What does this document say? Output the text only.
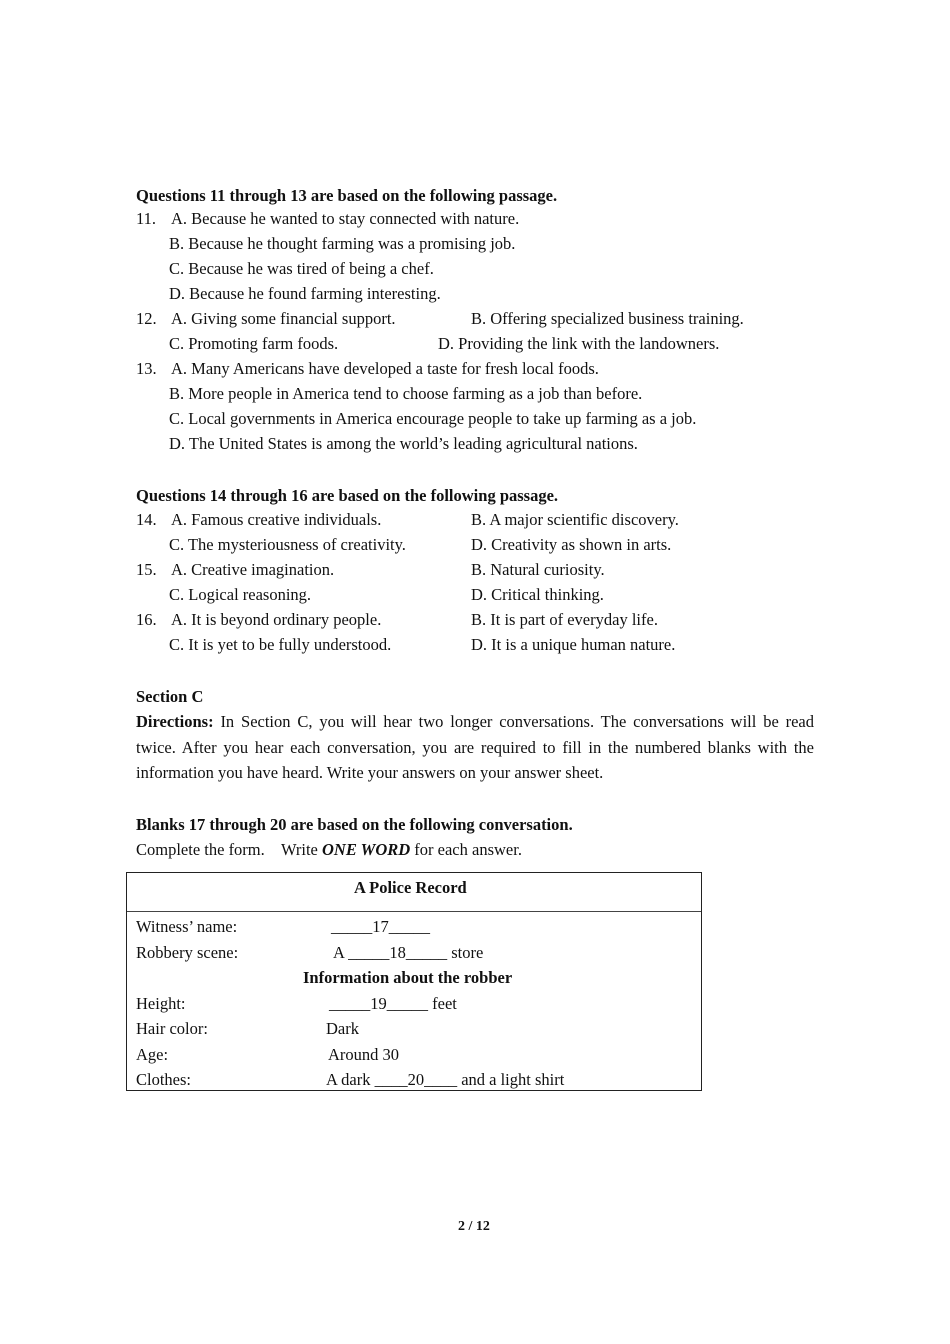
Questions 11 through 13 are based on the following passage.
11. A. Because he wanted to stay connected with nature.
B. Because he thought farming was a promising job.
C. Because he was tired of being a chef.
D. Because he found farming interesting.
12. A. Giving some financial support.	B. Offering specialized business training.
C. Promoting farm foods.	D. Providing the link with the landowners.
13. A. Many Americans have developed a taste for fresh local foods.
B. More people in America tend to choose farming as a job than before.
C. Local governments in America encourage people to take up farming as a job.
D. The United States is among the world’s leading agricultural nations.
Questions 14 through 16 are based on the following passage.
14. A. Famous creative individuals.	B. A major scientific discovery.
C. The mysteriousness of creativity.	D. Creativity as shown in arts.
15. A. Creative imagination.	B. Natural curiosity.
C. Logical reasoning.	D. Critical thinking.
16. A. It is beyond ordinary people.	B. It is part of everyday life.
C. It is yet to be fully understood.	D. It is a unique human nature.
Section C
Directions: In Section C, you will hear two longer conversations. The conversations will be read twice. After you hear each conversation, you are required to fill in the numbered blanks with the information you have heard. Write your answers on your answer sheet.
Blanks 17 through 20 are based on the following conversation.
Complete the form.    Write ONE WORD for each answer.
A Police Record
Witness’ name:	_____17_____
Robbery scene:	A _____18_____ store
Information about the robber
Height:	_____19_____ feet
Hair color:	Dark
Age:	Around 30
Clothes:	A dark ____20____ and a light shirt
2 / 12
